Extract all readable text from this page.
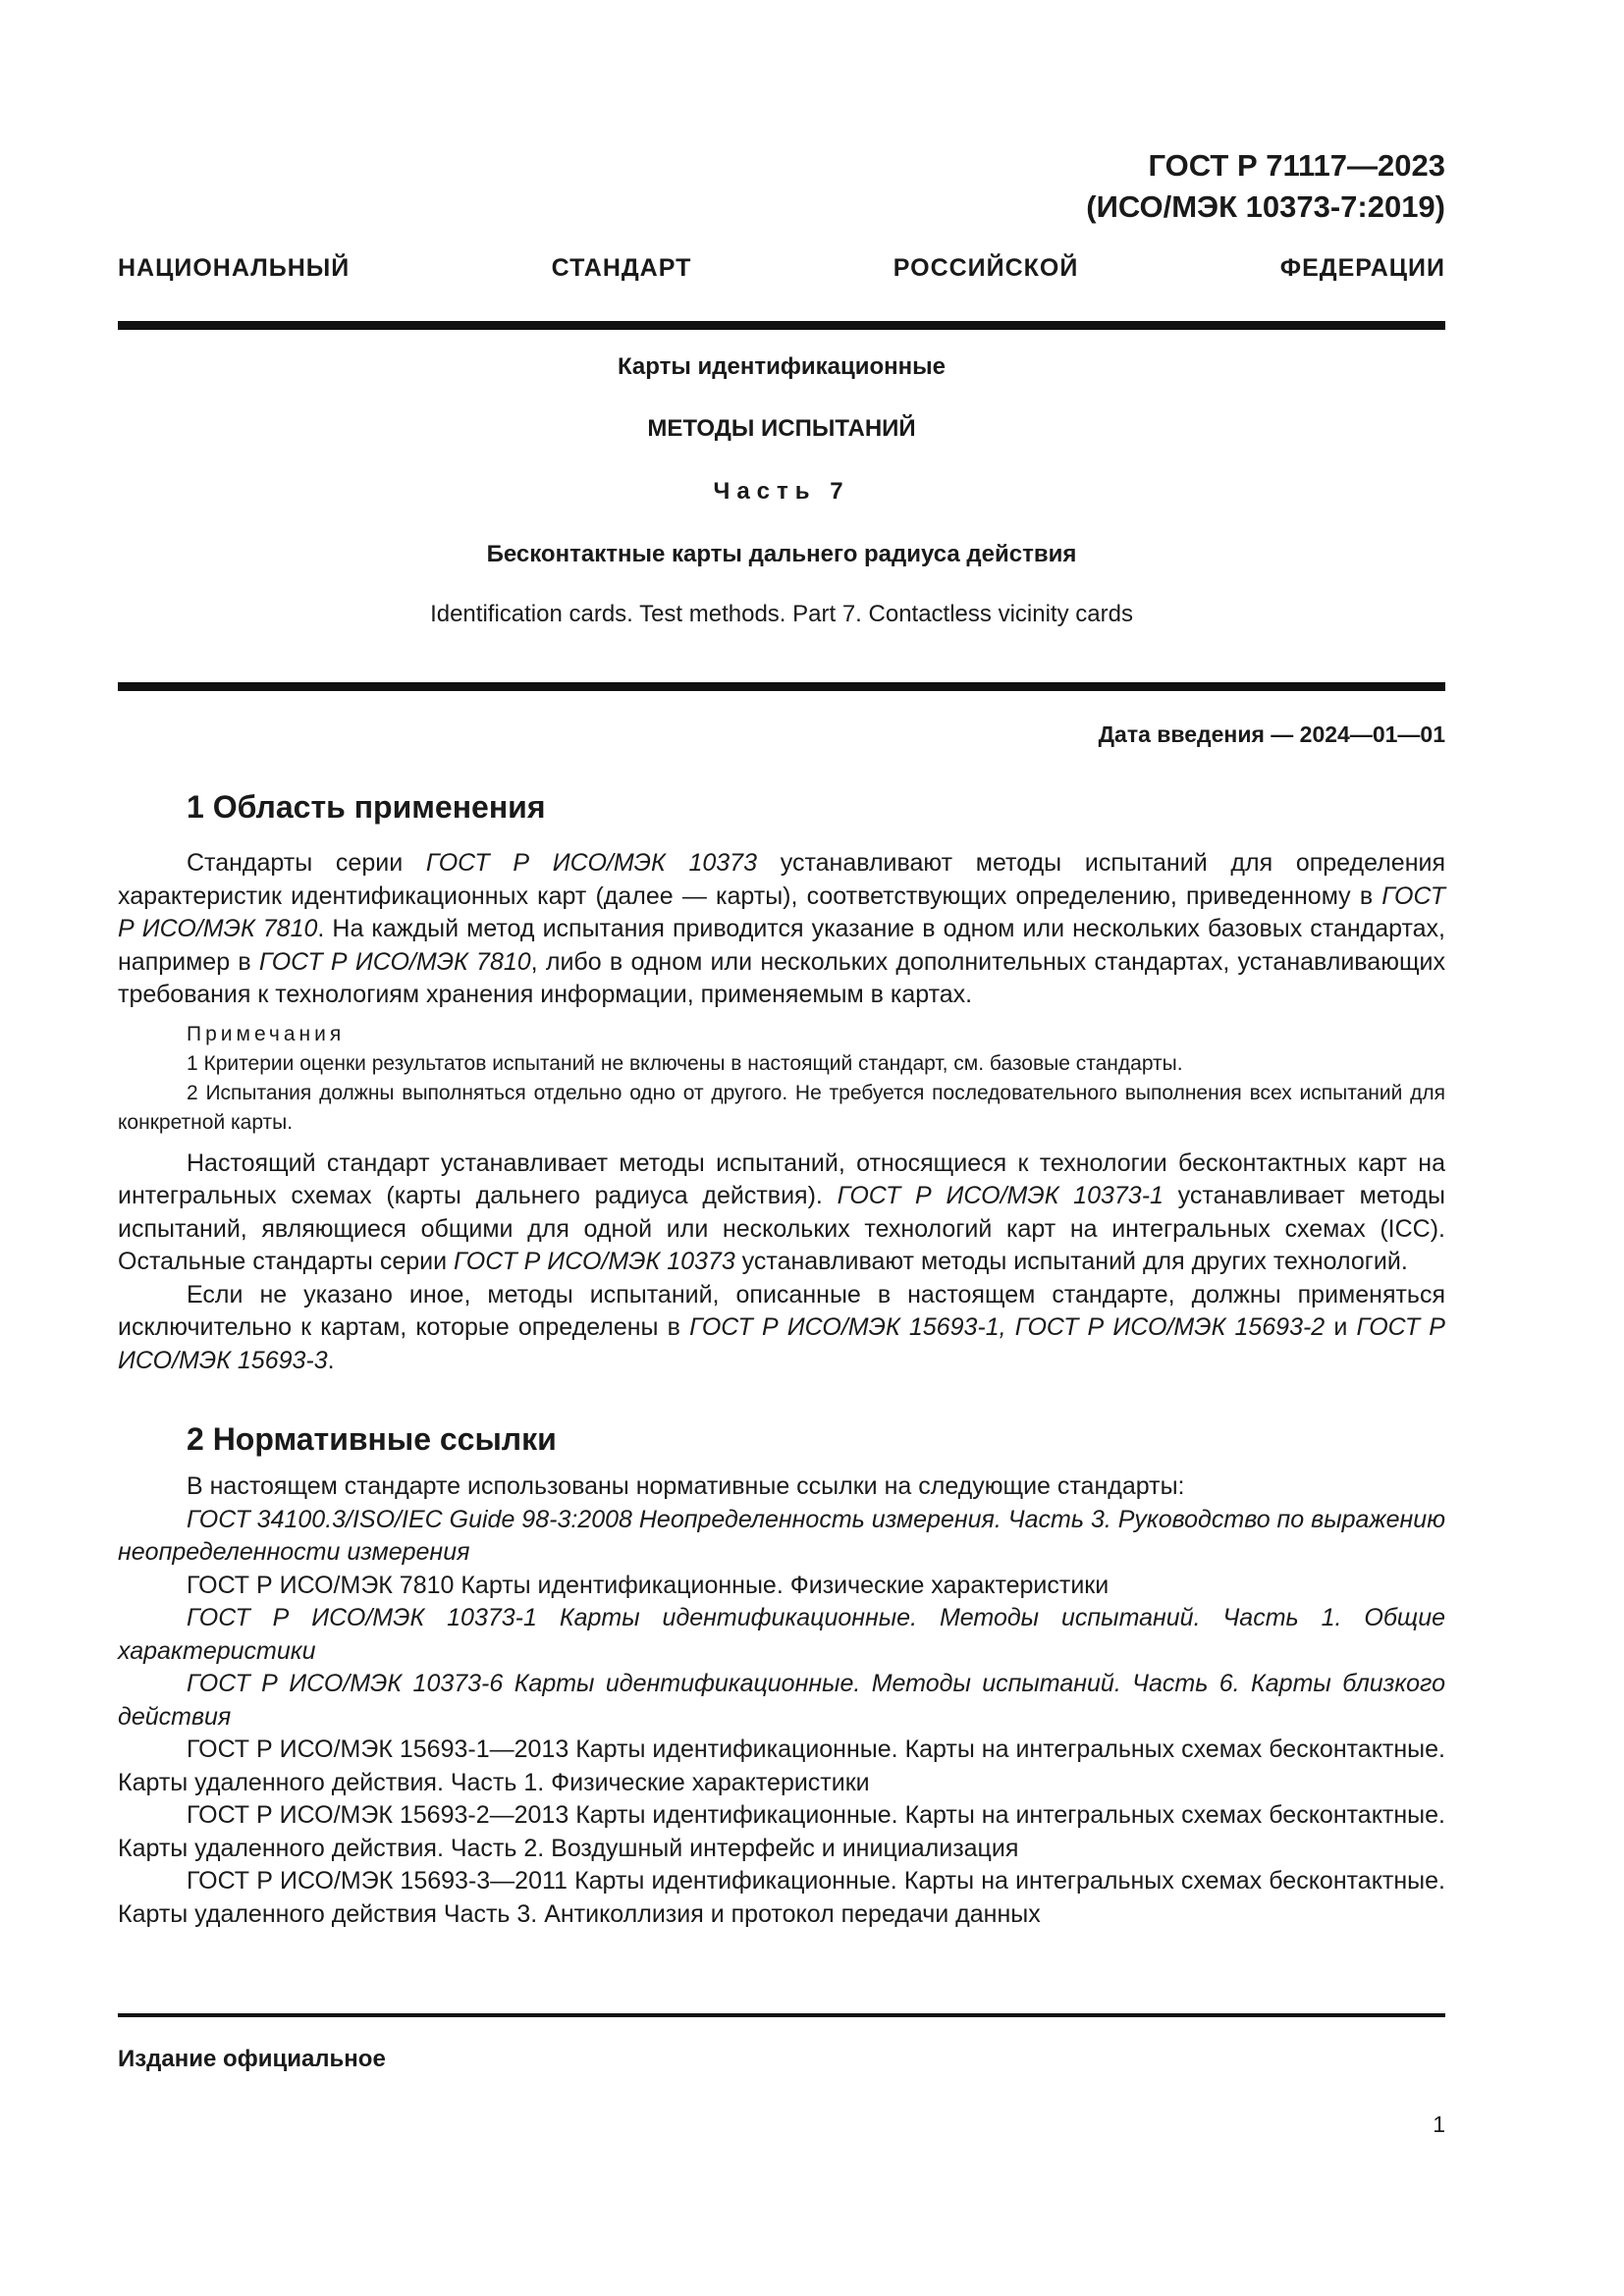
ГОСТ Р 71117—2023
(ИСО/МЭК 10373-7:2019)
НАЦИОНАЛЬНЫЙ СТАНДАРТ РОССИЙСКОЙ ФЕДЕРАЦИИ
Карты идентификационные
МЕТОДЫ ИСПЫТАНИЙ
Часть 7
Бесконтактные карты дальнего радиуса действия
Identification cards. Test methods. Part 7. Contactless vicinity cards
Дата введения — 2024—01—01
1 Область применения

Стандарты серии ГОСТ Р ИСО/МЭК 10373 устанавливают методы испытаний для определения характеристик идентификационных карт (далее — карты), соответствующих определению, приведенному в ГОСТ Р ИСО/МЭК 7810. На каждый метод испытания приводится указание в одном или нескольких базовых стандартах, например в ГОСТ Р ИСО/МЭК 7810, либо в одном или нескольких дополнительных стандартах, устанавливающих требования к технологиям хранения информации, применяемым в картах.

Примечания

1 Критерии оценки результатов испытаний не включены в настоящий стандарт, см. базовые стандарты.

2 Испытания должны выполняться отдельно одно от другого. Не требуется последовательного выполнения всех испытаний для конкретной карты.

Настоящий стандарт устанавливает методы испытаний, относящиеся к технологии бесконтактных карт на интегральных схемах (карты дальнего радиуса действия). ГОСТ Р ИСО/МЭК 10373-1 устанавливает методы испытаний, являющиеся общими для одной или нескольких технологий карт на интегральных схемах (ICC). Остальные стандарты серии ГОСТ Р ИСО/МЭК 10373 устанавливают методы испытаний для других технологий.

Если не указано иное, методы испытаний, описанные в настоящем стандарте, должны применяться исключительно к картам, которые определены в ГОСТ Р ИСО/МЭК 15693-1, ГОСТ Р ИСО/МЭК 15693-2 и ГОСТ Р ИСО/МЭК 15693-3.

2 Нормативные ссылки

В настоящем стандарте использованы нормативные ссылки на следующие стандарты:

ГОСТ 34100.3/ISO/IEC Guide 98-3:2008 Неопределенность измерения. Часть 3. Руководство по выражению неопределенности измерения

ГОСТ Р ИСО/МЭК 7810 Карты идентификационные. Физические характеристики

ГОСТ Р ИСО/МЭК 10373-1 Карты идентификационные. Методы испытаний. Часть 1. Общие характеристики

ГОСТ Р ИСО/МЭК 10373-6 Карты идентификационные. Методы испытаний. Часть 6. Карты близкого действия

ГОСТ Р ИСО/МЭК 15693-1—2013 Карты идентификационные. Карты на интегральных схемах бесконтактные. Карты удаленного действия. Часть 1. Физические характеристики

ГОСТ Р ИСО/МЭК 15693-2—2013 Карты идентификационные. Карты на интегральных схемах бесконтактные. Карты удаленного действия. Часть 2. Воздушный интерфейс и инициализация

ГОСТ Р ИСО/МЭК 15693-3—2011 Карты идентификационные. Карты на интегральных схемах бесконтактные. Карты удаленного действия Часть 3. Антиколлизия и протокол передачи данных

Издание официальное
1
